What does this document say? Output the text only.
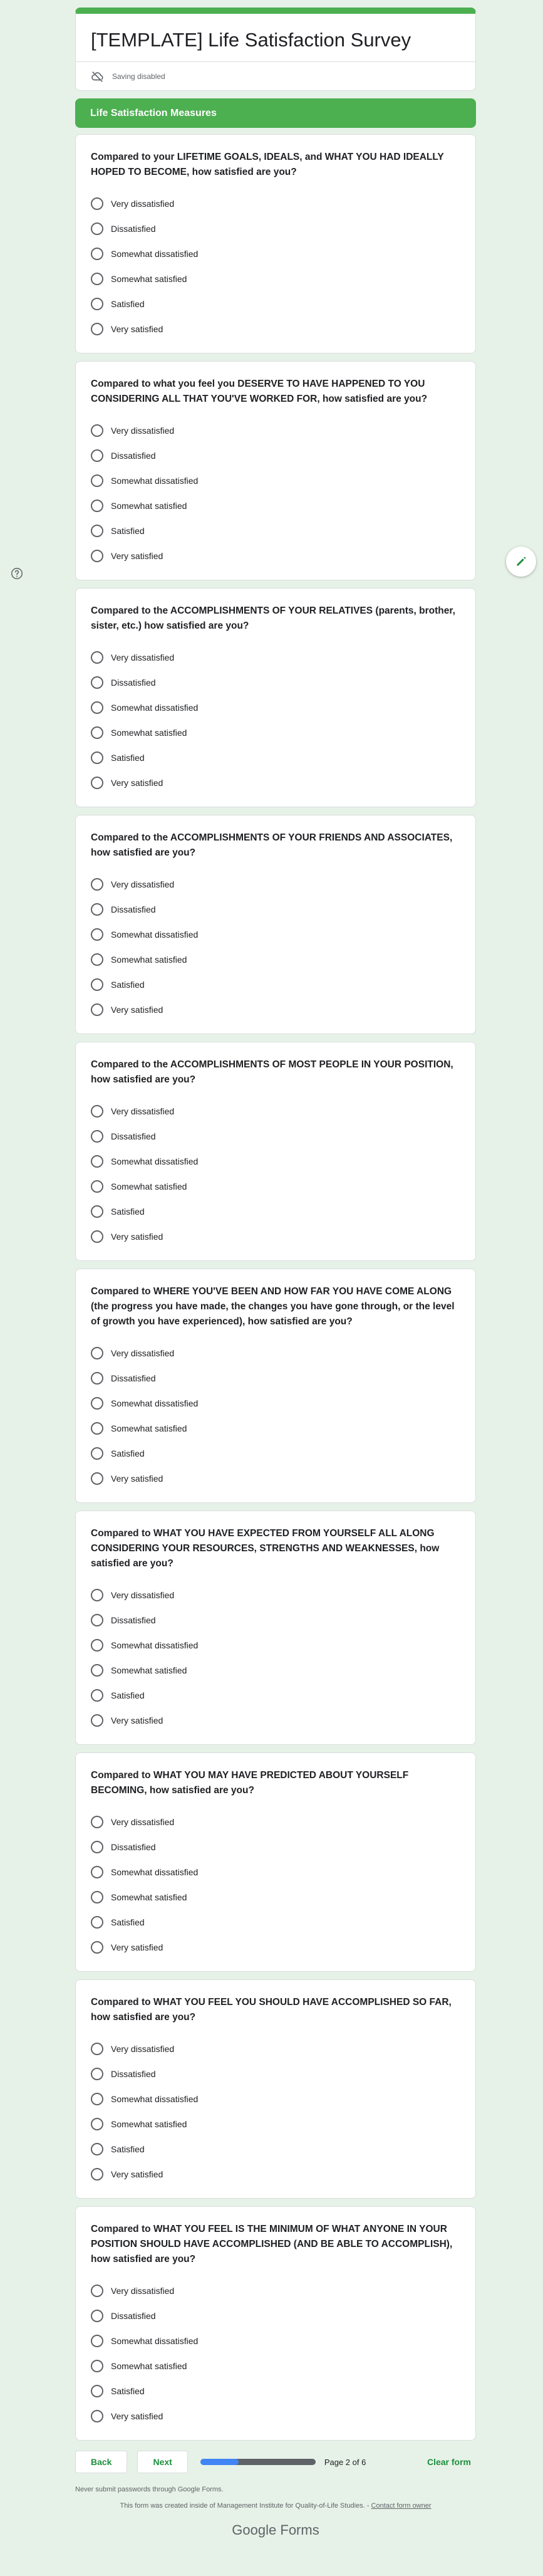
[TEMPLATE] Life Satisfaction Survey
Saving disabled
Life Satisfaction Measures
Compared to your LIFETIME GOALS, IDEALS, and WHAT YOU HAD IDEALLY HOPED TO BECOME, how satisfied are you?
Very dissatisfied
Dissatisfied
Somewhat dissatisfied
Somewhat satisfied
Satisfied
Very satisfied
Compared to what you feel you DESERVE TO HAVE HAPPENED TO YOU CONSIDERING ALL THAT YOU'VE WORKED FOR, how satisfied are you?
Very dissatisfied
Dissatisfied
Somewhat dissatisfied
Somewhat satisfied
Satisfied
Very satisfied
Compared to the ACCOMPLISHMENTS OF YOUR RELATIVES (parents, brother, sister, etc.) how satisfied are you?
Very dissatisfied
Dissatisfied
Somewhat dissatisfied
Somewhat satisfied
Satisfied
Very satisfied
Compared to the ACCOMPLISHMENTS OF YOUR FRIENDS AND ASSOCIATES, how satisfied are you?
Very dissatisfied
Dissatisfied
Somewhat dissatisfied
Somewhat satisfied
Satisfied
Very satisfied
Compared to the ACCOMPLISHMENTS OF MOST PEOPLE IN YOUR POSITION, how satisfied are you?
Very dissatisfied
Dissatisfied
Somewhat dissatisfied
Somewhat satisfied
Satisfied
Very satisfied
Compared to WHERE YOU'VE BEEN AND HOW FAR YOU HAVE COME ALONG (the progress you have made, the changes you have gone through, or the level of growth you have experienced), how satisfied are you?
Very dissatisfied
Dissatisfied
Somewhat dissatisfied
Somewhat satisfied
Satisfied
Very satisfied
Compared to WHAT YOU HAVE EXPECTED FROM YOURSELF ALL ALONG CONSIDERING YOUR RESOURCES, STRENGTHS AND WEAKNESSES, how satisfied are you?
Very dissatisfied
Dissatisfied
Somewhat dissatisfied
Somewhat satisfied
Satisfied
Very satisfied
Compared to WHAT YOU MAY HAVE PREDICTED ABOUT YOURSELF BECOMING, how satisfied are you?
Very dissatisfied
Dissatisfied
Somewhat dissatisfied
Somewhat satisfied
Satisfied
Very satisfied
Compared to WHAT YOU FEEL YOU SHOULD HAVE ACCOMPLISHED SO FAR, how satisfied are you?
Very dissatisfied
Dissatisfied
Somewhat dissatisfied
Somewhat satisfied
Satisfied
Very satisfied
Compared to WHAT YOU FEEL IS THE MINIMUM OF WHAT ANYONE IN YOUR POSITION SHOULD HAVE ACCOMPLISHED (AND BE ABLE TO ACCOMPLISH), how satisfied are you?
Very dissatisfied
Dissatisfied
Somewhat dissatisfied
Somewhat satisfied
Satisfied
Very satisfied
Back	Next	Page 2 of 6	Clear form
Never submit passwords through Google Forms.
This form was created inside of Management Institute for Quality-of-Life Studies. - Contact form owner
Google Forms
